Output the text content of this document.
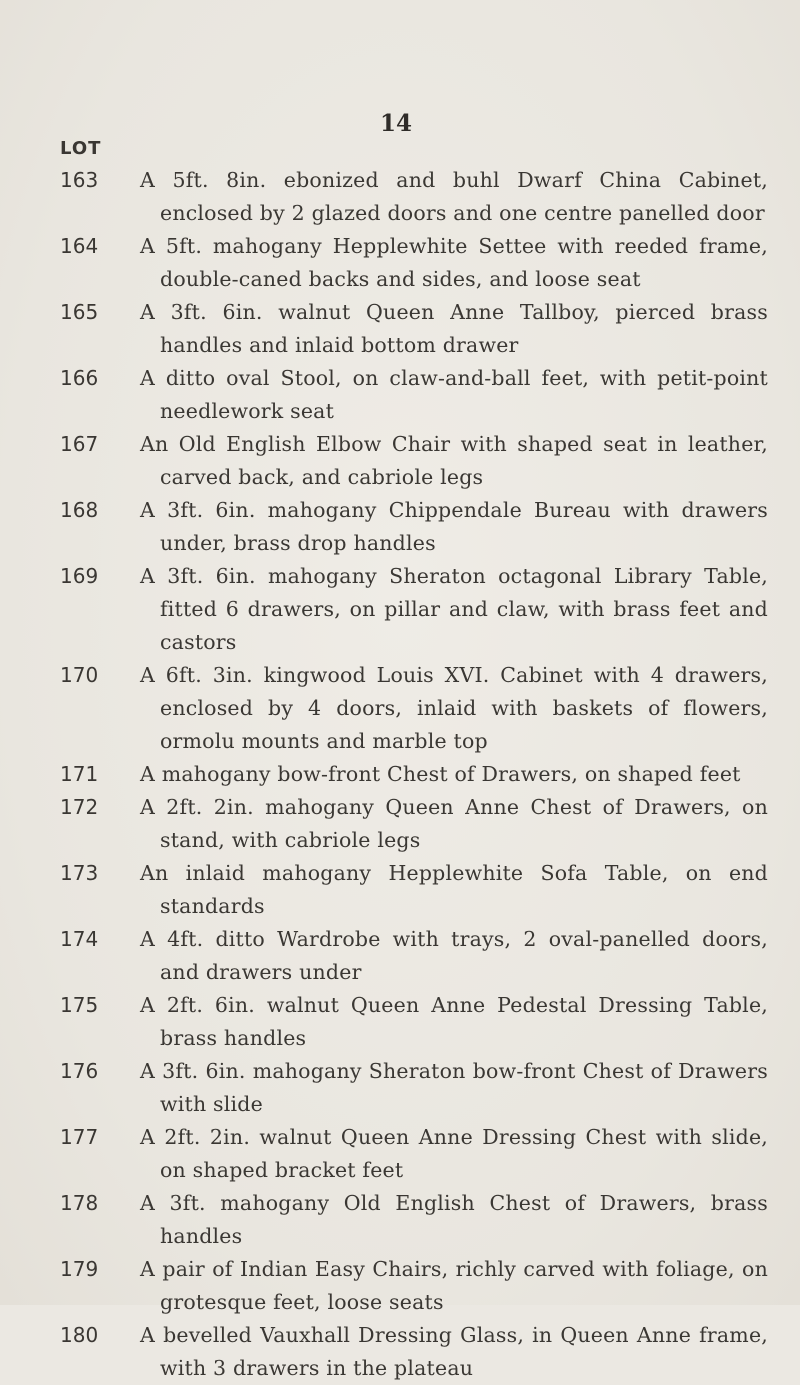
14
LOT
163	A 5ft. 8in. ebonized and buhl Dwarf China Cabinet, enclosed by 2 glazed doors and one centre panelled door
164	A 5ft. mahogany Hepplewhite Settee with reeded frame, double-caned backs and sides, and loose seat
165	A 3ft. 6in. walnut Queen Anne Tallboy, pierced brass handles and inlaid bottom drawer
166	A ditto oval Stool, on claw-and-ball feet, with petit-point needlework seat
167	An Old English Elbow Chair with shaped seat in leather, carved back, and cabriole legs
168	A 3ft. 6in. mahogany Chippendale Bureau with drawers under, brass drop handles
169	A 3ft. 6in. mahogany Sheraton octagonal Library Table, fitted 6 drawers, on pillar and claw, with brass feet and castors
170	A 6ft. 3in. kingwood Louis XVI. Cabinet with 4 drawers, enclosed by 4 doors, inlaid with baskets of flowers, ormolu mounts and marble top
171	A mahogany bow-front Chest of Drawers, on shaped feet
172	A 2ft. 2in. mahogany Queen Anne Chest of Drawers, on stand, with cabriole legs
173	An inlaid mahogany Hepplewhite Sofa Table, on end standards
174	A 4ft. ditto Wardrobe with trays, 2 oval-panelled doors, and drawers under
175	A 2ft. 6in. walnut Queen Anne Pedestal Dressing Table, brass handles
176	A 3ft. 6in. mahogany Sheraton bow-front Chest of Drawers with slide
177	A 2ft. 2in. walnut Queen Anne Dressing Chest with slide, on shaped bracket feet
178	A 3ft. mahogany Old English Chest of Drawers, brass handles
179	A pair of Indian Easy Chairs, richly carved with foliage, on grotesque feet, loose seats
180	A bevelled Vauxhall Dressing Glass, in Queen Anne frame, with 3 drawers in the plateau
